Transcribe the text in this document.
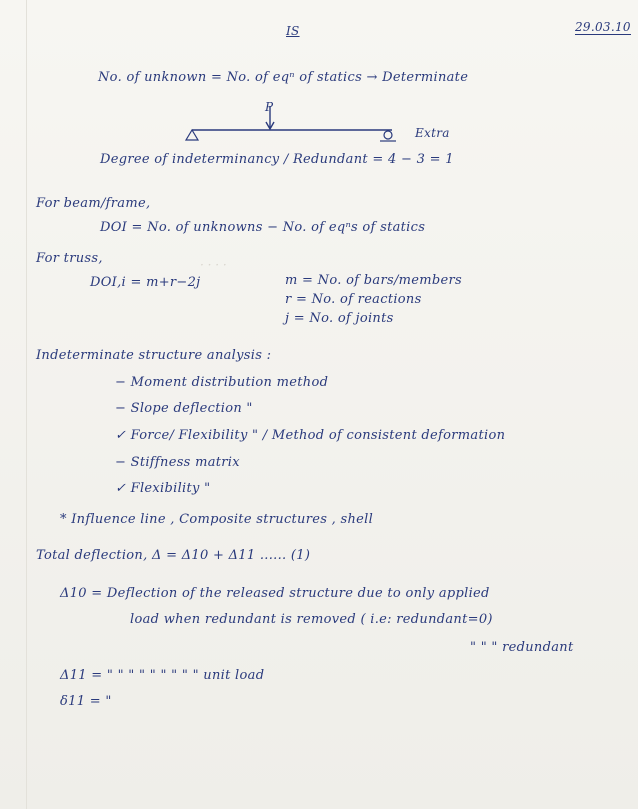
· · · ·
IS	29.03.10
No. of unknown = No. of eqⁿ of statics → Determinate
P
Extra
Degree of indeterminancy / Redundant = 4 − 3 = 1
For beam/frame,
DOI = No. of unknowns − No. of eqⁿs of statics
For truss,
DOI,i = m+r−2j	m = No. of bars/members
r = No. of reactions
j = No. of joints
Indeterminate structure analysis :
− Moment distribution method
− Slope deflection "
✓ Force/ Flexibility " / Method of consistent deformation
− Stiffness matrix
✓ Flexibility "
* Influence line , Composite structures , shell
Total deflection, Δ = Δ10 + Δ11 ...... (1)
Δ10 = Deflection of the released structure due to only applied
load when redundant is removed ( i.e: redundant=0)
" " " redundant
Δ11 = " " " " " " " " " unit load
δ11 = "
